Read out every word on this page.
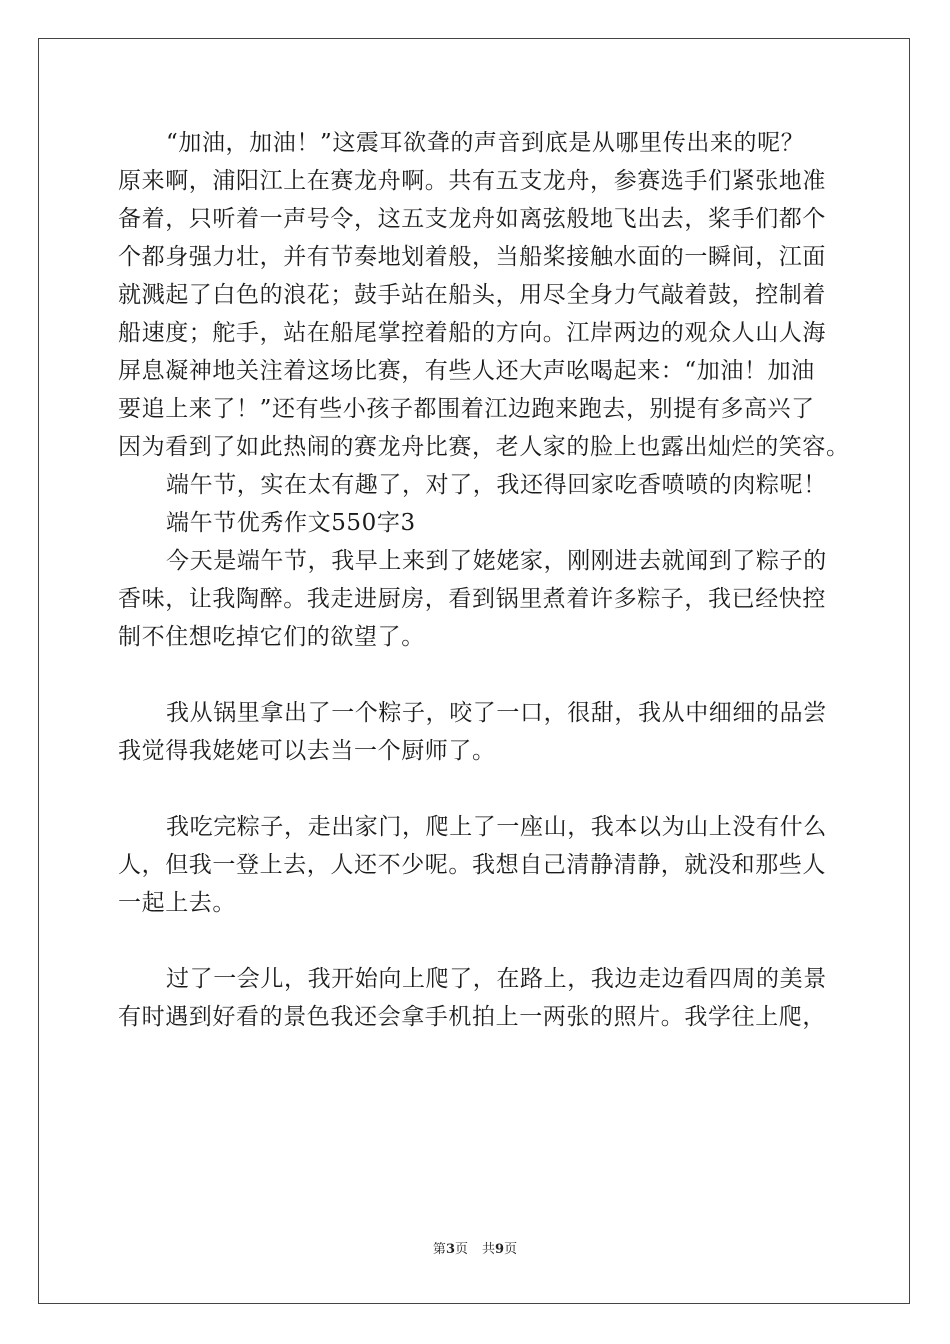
“加油，加油！”这震耳欲聋的声音到底是从哪里传出来的呢？
原来啊，浦阳江上在赛龙舟啊。共有五支龙舟，参赛选手们紧张地准
备着，只听着一声号令，这五支龙舟如离弦般地飞出去，桨手们都个
个都身强力壮，并有节奏地划着般，当船桨接触水面的一瞬间，江面
就溅起了白色的浪花；鼓手站在船头，用尽全身力气敲着鼓，控制着
船速度；舵手，站在船尾掌控着船的方向。江岸两边的观众人山人海
屏息凝神地关注着这场比赛，有些人还大声吆喝起来：“加油！加油
要追上来了！”还有些小孩子都围着江边跑来跑去，别提有多高兴了
因为看到了如此热闹的赛龙舟比赛，老人家的脸上也露出灿烂的笑容。
端午节，实在太有趣了，对了，我还得回家吃香喷喷的肉粽呢！
端午节优秀作文550字3
今天是端午节，我早上来到了姥姥家，刚刚进去就闻到了粽子的
香味，让我陶醉。我走进厨房，看到锅里煮着许多粽子，我已经快控
制不住想吃掉它们的欲望了。
我从锅里拿出了一个粽子，咬了一口，很甜，我从中细细的品尝
我觉得我姥姥可以去当一个厨师了。
我吃完粽子，走出家门，爬上了一座山，我本以为山上没有什么
人，但我一登上去，人还不少呢。我想自己清静清静，就没和那些人
一起上去。
过了一会儿，我开始向上爬了，在路上，我边走边看四周的美景
有时遇到好看的景色我还会拿手机拍上一两张的照片。我学往上爬，
第3页 共9页
